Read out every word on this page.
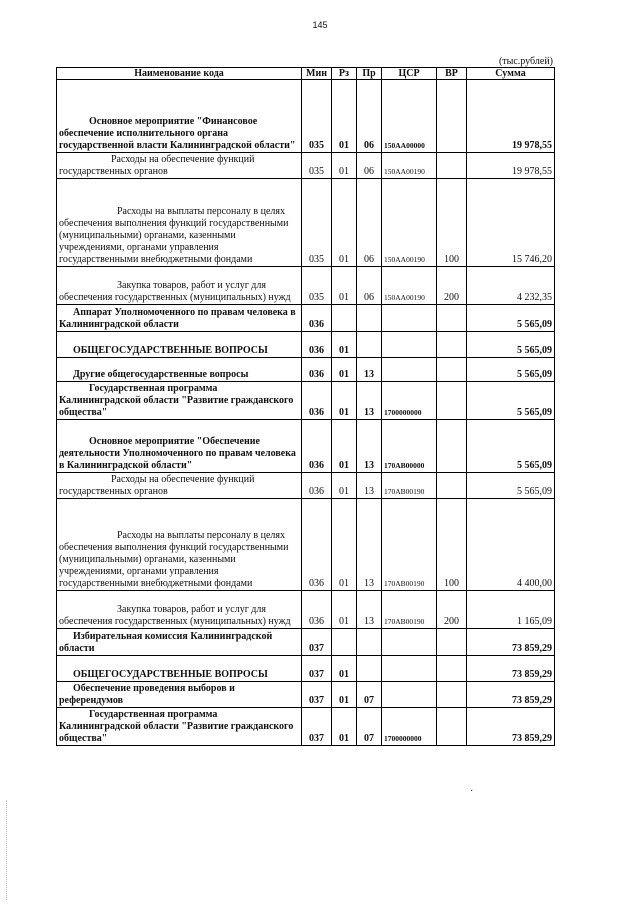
145
(тыс.рублей)
Наименование кода	Мин	Рз	Пр	ЦСР	ВР	Сумма

Основное мероприятие "Финансовое обеспечение исполнительного органа государственной власти Калининградской области"	035	01	06	150АА00000		19 978,55

Расходы на обеспечение функций государственных органов	035	01	06	150АА00190		19 978,55

Расходы на выплаты персоналу в целях обеспечения выполнения функций государственными (муниципальными) органами, казенными учреждениями, органами управления государственными внебюджетными фондами	035	01	06	150АА00190	100	15 746,20

Закупка товаров, работ и услуг для обеспечения государственных (муниципальных) нужд	035	01	06	150АА00190	200	4 232,35

Аппарат Уполномоченного по правам человека в Калининградской области	036					5 565,09

ОБЩЕГОСУДАРСТВЕННЫЕ ВОПРОСЫ	036	01				5 565,09

Другие общегосударственные вопросы	036	01	13			5 565,09

Государственная программа Калининградской области "Развитие гражданского общества"	036	01	13	1700000000		5 565,09

Основное мероприятие "Обеспечение деятельности Уполномоченного по правам человека в Калининградской области"	036	01	13	170АВ00000		5 565,09

Расходы на обеспечение функций государственных органов	036	01	13	170АВ00190		5 565,09

Расходы на выплаты персоналу в целях обеспечения выполнения функций государственными (муниципальными) органами, казенными учреждениями, органами управления государственными внебюджетными фондами	036	01	13	170АВ00190	100	4 400,00

Закупка товаров, работ и услуг для обеспечения государственных (муниципальных) нужд	036	01	13	170АВ00190	200	1 165,09

Избирательная комиссия Калининградской области	037					73 859,29

ОБЩЕГОСУДАРСТВЕННЫЕ ВОПРОСЫ	037	01				73 859,29

Обеспечение проведения выборов и референдумов	037	01	07			73 859,29

Государственная программа Калининградской области "Развитие гражданского общества"	037	01	07	1700000000		73 859,29
·
